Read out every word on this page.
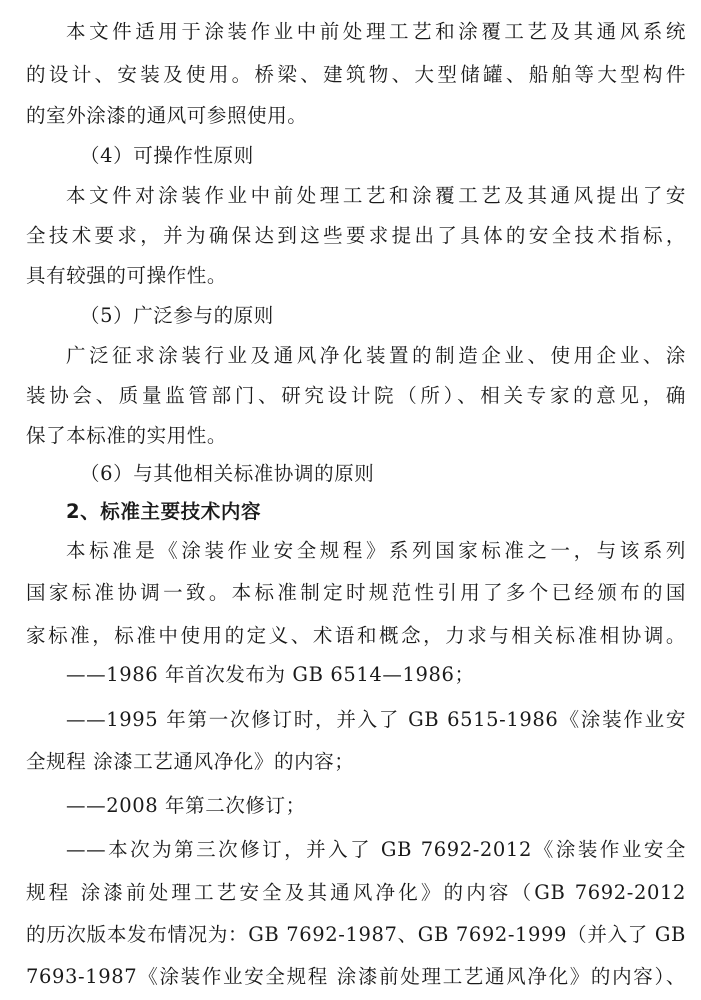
本文件适用于涂装作业中前处理工艺和涂覆工艺及其通风系统
的设计、安装及使用。桥梁、建筑物、大型储罐、船舶等大型构件
的室外涂漆的通风可参照使用。
（4）可操作性原则
本文件对涂装作业中前处理工艺和涂覆工艺及其通风提出了安
全技术要求，并为确保达到这些要求提出了具体的安全技术指标，
具有较强的可操作性。
（5）广泛参与的原则
广泛征求涂装行业及通风净化装置的制造企业、使用企业、涂
装协会、质量监管部门、研究设计院（所）、相关专家的意见，确
保了本标准的实用性。
（6）与其他相关标准协调的原则
2、标准主要技术内容
本标准是《涂装作业安全规程》系列国家标准之一，与该系列
国家标准协调一致。本标准制定时规范性引用了多个已经颁布的国
家标准，标准中使用的定义、术语和概念，力求与相关标准相协调。
——1986 年首次发布为 GB 6514—1986；
——1995 年第一次修订时，并入了 GB 6515-1986《涂装作业安
全规程 涂漆工艺通风净化》的内容；
——2008 年第二次修订；
——本次为第三次修订，并入了 GB 7692-2012《涂装作业安全
规程 涂漆前处理工艺安全及其通风净化》的内容（GB 7692-2012
的历次版本发布情况为：GB 7692-1987、GB 7692-1999（并入了 GB
7693-1987《涂装作业安全规程 涂漆前处理工艺通风净化》的内容）、
